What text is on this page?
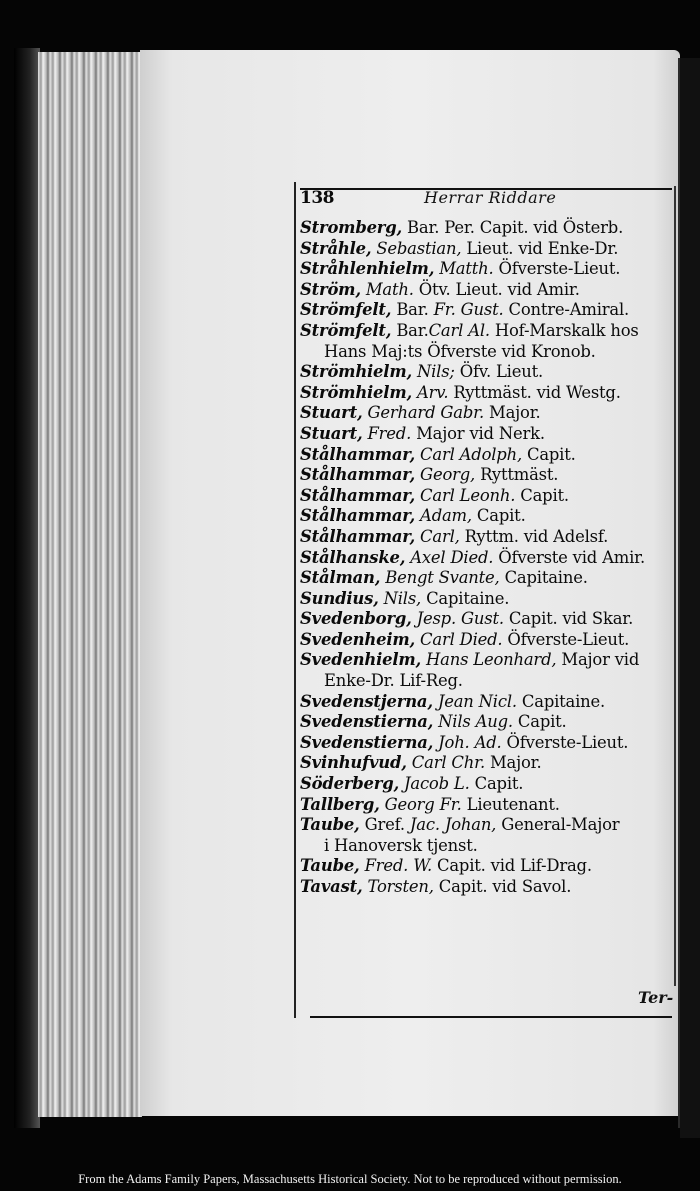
138	Herrar Riddare
Stromberg, Bar. Per. Capit. vid Österb.
Stråhle, Sebastian, Lieut. vid Enke-Dr.
Stråhlenhielm, Matth. Öfverste-Lieut.
Ström, Math. Ötv. Lieut. vid Amir.
Strömfelt, Bar. Fr. Gust. Contre-Amiral.
Strömfelt, Bar.Carl Al. Hof-Marskalk hos
Hans Maj:ts Öfverste vid Kronob.
Strömhielm, Nils; Öfv. Lieut.
Strömhielm, Arv. Ryttmäst. vid Westg.
Stuart, Gerhard Gabr. Major.
Stuart, Fred. Major vid Nerk.
Stålhammar, Carl Adolph, Capit.
Stålhammar, Georg, Ryttmäst.
Stålhammar, Carl Leonh. Capit.
Stålhammar, Adam, Capit.
Stålhammar, Carl, Ryttm. vid Adelsf.
Stålhanske, Axel Died. Öfverste vid Amir.
Stålman, Bengt Svante, Capitaine.
Sundius, Nils, Capitaine.
Svedenborg, Jesp. Gust. Capit. vid Skar.
Svedenheim, Carl Died. Öfverste-Lieut.
Svedenhielm, Hans Leonhard, Major vid
Enke-Dr. Lif-Reg.
Svedenstjerna, Jean Nicl. Capitaine.
Svedenstierna, Nils Aug. Capit.
Svedenstierna, Joh. Ad. Öfverste-Lieut.
Svinhufvud, Carl Chr. Major.
Söderberg, Jacob L. Capit.
Tallberg, Georg Fr. Lieutenant.
Taube, Gref. Jac. Johan, General-Major
i Hanoversk tjenst.
Taube, Fred. W. Capit. vid Lif-Drag.
Tavast, Torsten, Capit. vid Savol.
Ter-
From the Adams Family Papers, Massachusetts Historical Society. Not to be reproduced without permission.
